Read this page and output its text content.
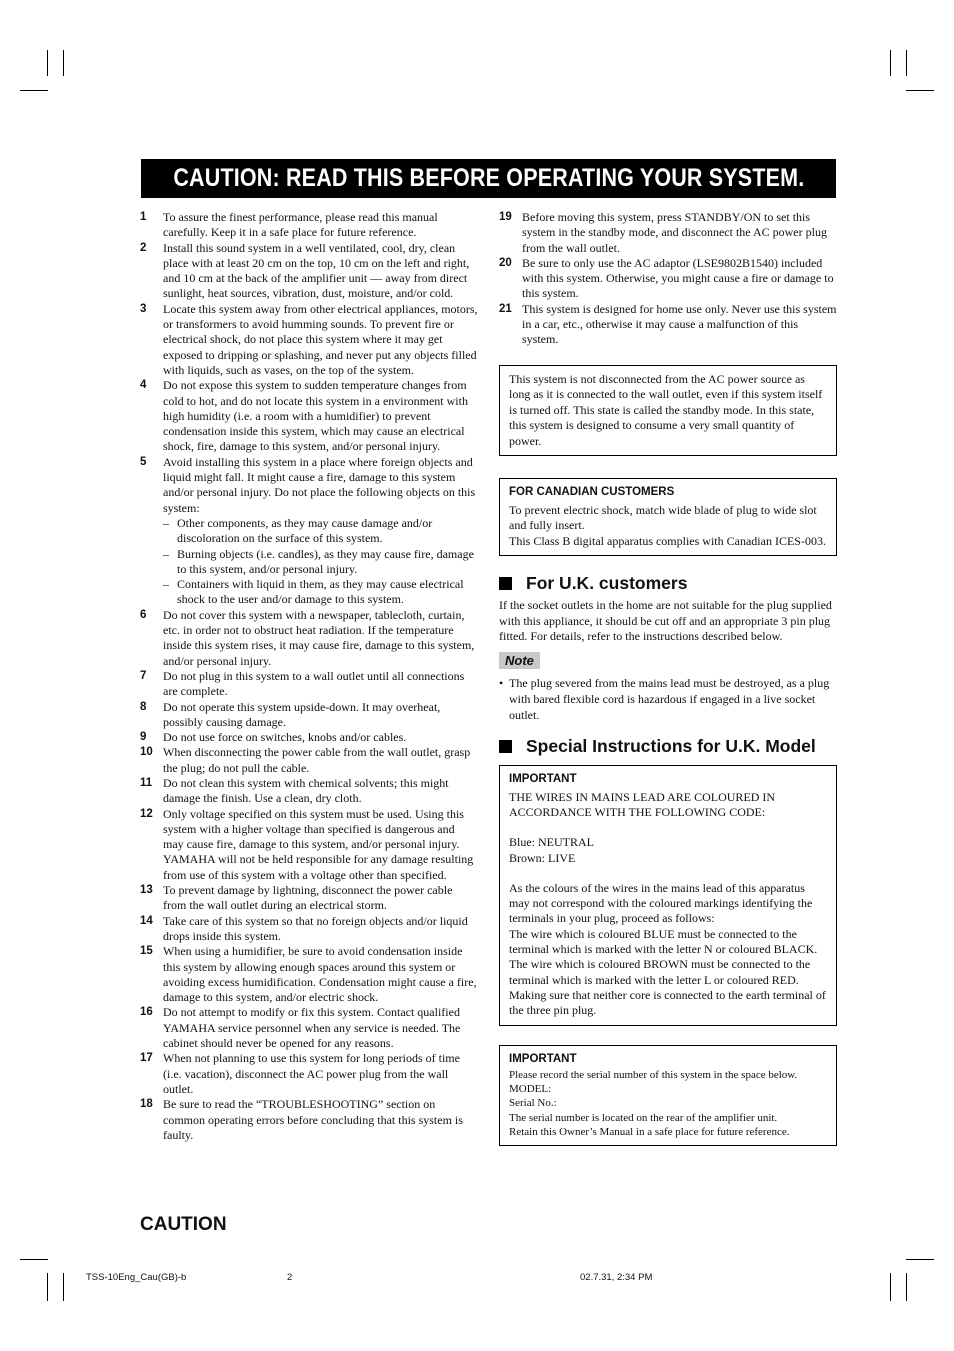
CAUTION: READ THIS BEFORE OPERATING YOUR SYSTEM.
1 To assure the finest performance, please read this manual carefully. Keep it in a safe place for future reference.
2 Install this sound system in a well ventilated, cool, dry, clean place with at least 20 cm on the top, 10 cm on the left and right, and 10 cm at the back of the amplifier unit — away from direct sunlight, heat sources, vibration, dust, moisture, and/or cold.
3 Locate this system away from other electrical appliances, motors, or transformers to avoid humming sounds. To prevent fire or electrical shock, do not place this system where it may get exposed to dripping or splashing, and never put any objects filled with liquids, such as vases, on the top of the system.
4 Do not expose this system to sudden temperature changes from cold to hot, and do not locate this system in a environment with high humidity (i.e. a room with a humidifier) to prevent condensation inside this system, which may cause an electrical shock, fire, damage to this system, and/or personal injury.
5 Avoid installing this system in a place where foreign objects and liquid might fall. It might cause a fire, damage to this system and/or personal injury. Do not place the following objects on this system:
– Other components, as they may cause damage and/or discoloration on the surface of this system.
– Burning objects (i.e. candles), as they may cause fire, damage to this system, and/or personal injury.
– Containers with liquid in them, as they may cause electrical shock to the user and/or damage to this system.
6 Do not cover this system with a newspaper, tablecloth, curtain, etc. in order not to obstruct heat radiation. If the temperature inside this system rises, it may cause fire, damage to this system, and/or personal injury.
7 Do not plug in this system to a wall outlet until all connections are complete.
8 Do not operate this system upside-down. It may overheat, possibly causing damage.
9 Do not use force on switches, knobs and/or cables.
10 When disconnecting the power cable from the wall outlet, grasp the plug; do not pull the cable.
11 Do not clean this system with chemical solvents; this might damage the finish. Use a clean, dry cloth.
12 Only voltage specified on this system must be used. Using this system with a higher voltage than specified is dangerous and may cause fire, damage to this system, and/or personal injury. YAMAHA will not be held responsible for any damage resulting from use of this system with a voltage other than specified.
13 To prevent damage by lightning, disconnect the power cable from the wall outlet during an electrical storm.
14 Take care of this system so that no foreign objects and/or liquid drops inside this system.
15 When using a humidifier, be sure to avoid condensation inside this system by allowing enough spaces around this system or avoiding excess humidification. Condensation might cause a fire, damage to this system, and/or electric shock.
16 Do not attempt to modify or fix this system. Contact qualified YAMAHA service personnel when any service is needed. The cabinet should never be opened for any reasons.
17 When not planning to use this system for long periods of time (i.e. vacation), disconnect the AC power plug from the wall outlet.
18 Be sure to read the “TROUBLESHOOTING” section on common operating errors before concluding that this system is faulty.
19 Before moving this system, press STANDBY/ON to set this system in the standby mode, and disconnect the AC power plug from the wall outlet.
20 Be sure to only use the AC adaptor (LSE9802B1540) included with this system. Otherwise, you might cause a fire or damage to this system.
21 This system is designed for home use only. Never use this system in a car, etc., otherwise it may cause a malfunction of this system.
This system is not disconnected from the AC power source as long as it is connected to the wall outlet, even if this system itself is turned off. This state is called the standby mode. In this state, this system is designed to consume a very small quantity of power.
FOR CANADIAN CUSTOMERS
To prevent electric shock, match wide blade of plug to wide slot and fully insert.
This Class B digital apparatus complies with Canadian ICES-003.
For U.K. customers

If the socket outlets in the home are not suitable for the plug supplied with this appliance, it should be cut off and an appropriate 3 pin plug fitted. For details, refer to the instructions described below.

Note
• The plug severed from the mains lead must be destroyed, as a plug with bared flexible cord is hazardous if engaged in a live socket outlet.
Special Instructions for U.K. Model
IMPORTANT
THE WIRES IN MAINS LEAD ARE COLOURED IN ACCORDANCE WITH THE FOLLOWING CODE:
Blue: NEUTRAL
Brown: LIVE
As the colours of the wires in the mains lead of this apparatus may not correspond with the coloured markings identifying the terminals in your plug, proceed as follows:
The wire which is coloured BLUE must be connected to the terminal which is marked with the letter N or coloured BLACK. The wire which is coloured BROWN must be connected to the terminal which is marked with the letter L or coloured RED.
Making sure that neither core is connected to the earth terminal of the three pin plug.
IMPORTANT
Please record the serial number of this system in the space below.
MODEL:
Serial No.:
The serial number is located on the rear of the amplifier unit.
Retain this Owner’s Manual in a safe place for future reference.
CAUTION
TSS-10Eng_Cau(GB)-b	2	02.7.31, 2:34 PM
